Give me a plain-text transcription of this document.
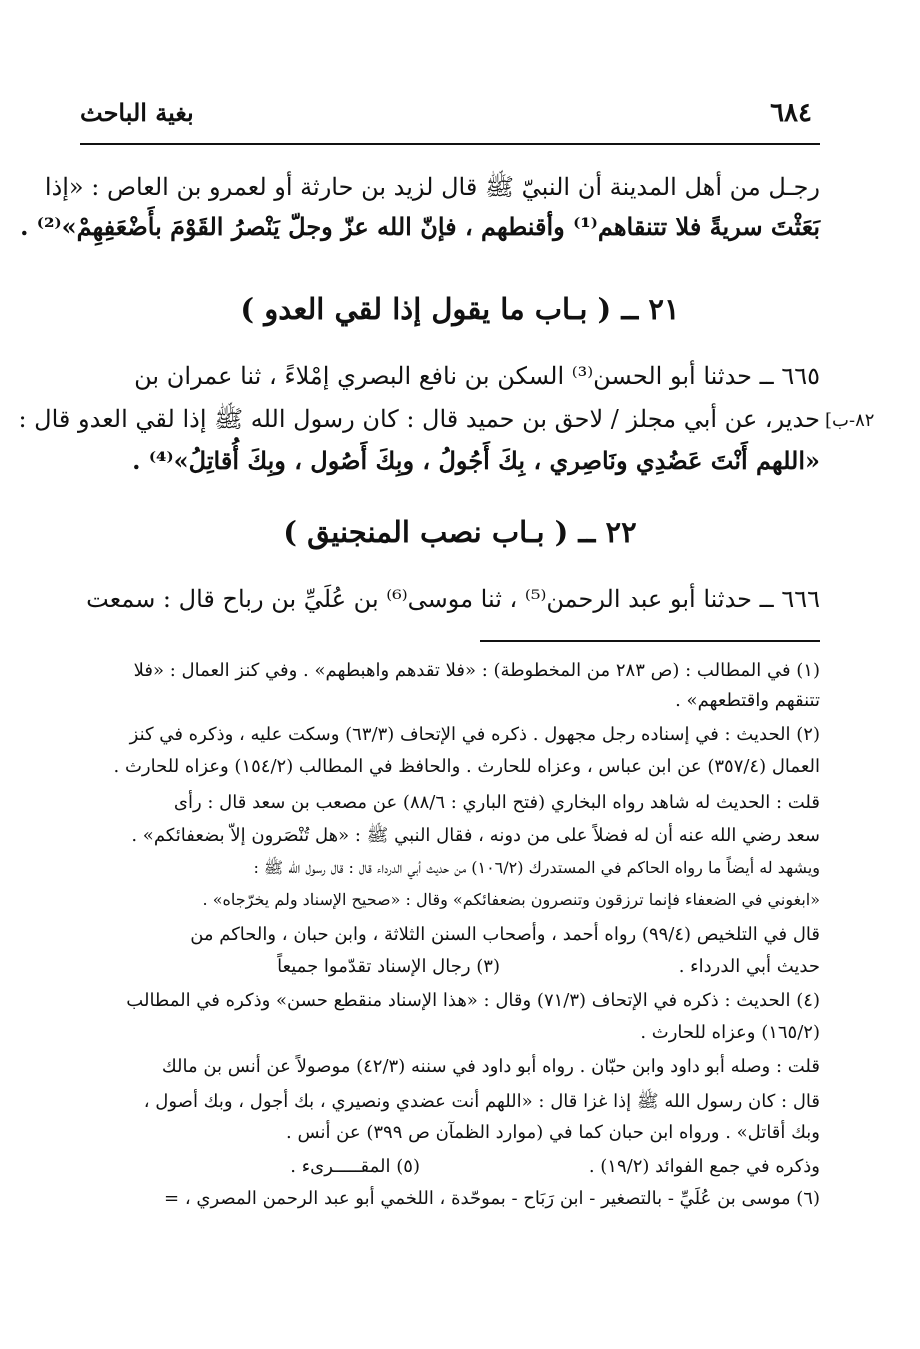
٦٨٤
بغية الباحث
رجـل من أهل المدينة أن النبيّ ﷺ قال لزيد بن حارثة أو لعمرو بن العاص : «إذا
بَعَثْتَ سريةً فلا تتنقاهم⁽¹⁾ وأقنطهم ، فإنّ الله عزّ وجلّ يَنْصرُ القَوْمَ بأَضْعَفِهِمْ»⁽²⁾ .
٢١ ــ ( بـاب ما يقول إذا لقي العدو )
٦٦٥ ــ حدثنا أبو الحسن⁽³⁾ السكن بن نافع البصري إمْلاءً ، ثنا عمران بن
حدير، عن أبي مجلز / لاحق بن حميد قال : كان رسول الله ﷺ إذا لقي العدو قال : [٨٢-ب
«اللهم أَنْتَ عَضُدِي ونَاصِري ، بِكَ أَجُولُ ، وبِكَ أَصُول ، وبِكَ أُقاتِلُ»⁽⁴⁾ .
٢٢ ــ ( بـاب نصب المنجنيق )
٦٦٦ ــ حدثنا أبو عبد الرحمن⁽⁵⁾ ، ثنا موسى⁽⁶⁾ بن عُلَيِّ بن رباح قال : سمعت
(١) في المطالب : (ص ٢٨٣ من المخطوطة) : «فلا تقدهم واهبطهم» . وفي كنز العمال : «فلا
تتنقهم واقتطعهم» .
(٢) الحديث : في إسناده رجل مجهول . ذكره في الإتحاف (٦٣/٣) وسكت عليه ، وذكره في كنز
العمال (٣٥٧/٤) عن ابن عباس ، وعزاه للحارث . والحافظ في المطالب (١٥٤/٢) وعزاه للحارث .
قلت : الحديث له شاهد رواه البخاري (فتح الباري : ٨٨/٦) عن مصعب بن سعد قال : رأى
سعد رضي الله عنه أن له فضلاً على من دونه ، فقال النبي ﷺ : «هل تُنْصَرون إلاّ بضعفائكم» .
ويشهد له أيضاً ما رواه الحاكم في المستدرك (١٠٦/٢) من حديث أبي الدرداء قال : قال رسول الله ﷺ :
«ابغوني في الضعفاء فإنما ترزقون وتنصرون بضعفائكم» وقال : «صحيح الإسناد ولم يخرّجاه» .
قال في التلخيص (٩٩/٤) رواه أحمد ، وأصحاب السنن الثلاثة ، وابن حبان ، والحاكم من
حديث أبي الدرداء .
(٣) رجال الإسناد تقدّموا جميعاً
(٤) الحديث : ذكره في الإتحاف (٧١/٣) وقال : «هذا الإسناد منقطع حسن» وذكره في المطالب
(١٦٥/٢) وعزاه للحارث .
قلت : وصله أبو داود وابن حبّان . رواه أبو داود في سننه (٤٢/٣) موصولاً عن أنس بن مالك
قال : كان رسول الله ﷺ إذا غزا قال : «اللهم أنت عضدي ونصيري ، بك أجول ، وبك أصول ،
وبك أقاتل» . ورواه ابن حبان كما في (موارد الظمآن ص ٣٩٩) عن أنس .
وذكره في جمع الفوائد (١٩/٢) .
(٥) المقـــــرىء .
(٦) موسى بن عُلَيِّ - بالتصغير - ابن رَبَاح - بموحّدة ، اللخمي أبو عبد الرحمن المصري ، =
